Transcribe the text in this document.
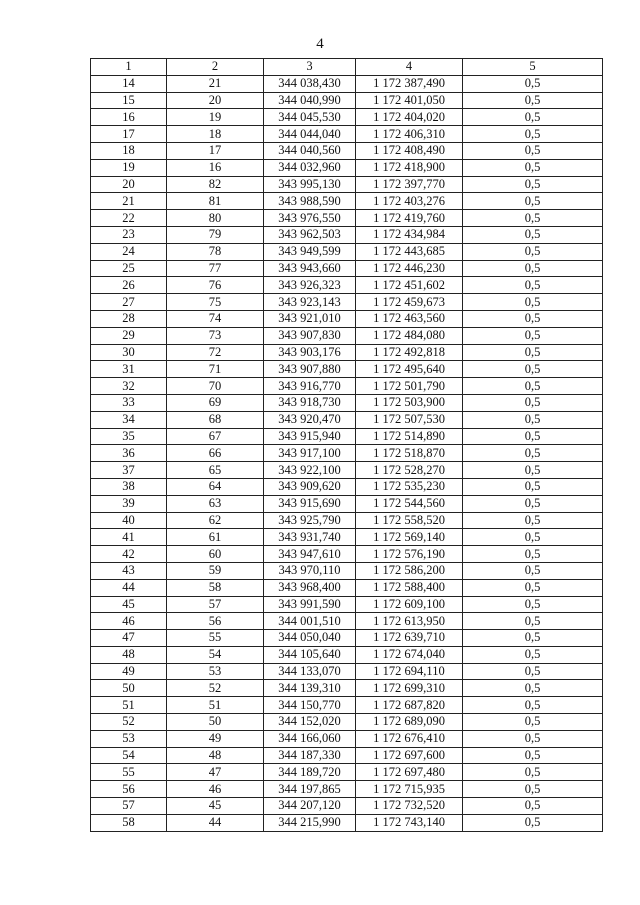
4
1	2	3	4	5
14	21	344 038,430	1 172 387,490	0,5
15	20	344 040,990	1 172 401,050	0,5
16	19	344 045,530	1 172 404,020	0,5
17	18	344 044,040	1 172 406,310	0,5
18	17	344 040,560	1 172 408,490	0,5
19	16	344 032,960	1 172 418,900	0,5
20	82	343 995,130	1 172 397,770	0,5
21	81	343 988,590	1 172 403,276	0,5
22	80	343 976,550	1 172 419,760	0,5
23	79	343 962,503	1 172 434,984	0,5
24	78	343 949,599	1 172 443,685	0,5
25	77	343 943,660	1 172 446,230	0,5
26	76	343 926,323	1 172 451,602	0,5
27	75	343 923,143	1 172 459,673	0,5
28	74	343 921,010	1 172 463,560	0,5
29	73	343 907,830	1 172 484,080	0,5
30	72	343 903,176	1 172 492,818	0,5
31	71	343 907,880	1 172 495,640	0,5
32	70	343 916,770	1 172 501,790	0,5
33	69	343 918,730	1 172 503,900	0,5
34	68	343 920,470	1 172 507,530	0,5
35	67	343 915,940	1 172 514,890	0,5
36	66	343 917,100	1 172 518,870	0,5
37	65	343 922,100	1 172 528,270	0,5
38	64	343 909,620	1 172 535,230	0,5
39	63	343 915,690	1 172 544,560	0,5
40	62	343 925,790	1 172 558,520	0,5
41	61	343 931,740	1 172 569,140	0,5
42	60	343 947,610	1 172 576,190	0,5
43	59	343 970,110	1 172 586,200	0,5
44	58	343 968,400	1 172 588,400	0,5
45	57	343 991,590	1 172 609,100	0,5
46	56	344 001,510	1 172 613,950	0,5
47	55	344 050,040	1 172 639,710	0,5
48	54	344 105,640	1 172 674,040	0,5
49	53	344 133,070	1 172 694,110	0,5
50	52	344 139,310	1 172 699,310	0,5
51	51	344 150,770	1 172 687,820	0,5
52	50	344 152,020	1 172 689,090	0,5
53	49	344 166,060	1 172 676,410	0,5
54	48	344 187,330	1 172 697,600	0,5
55	47	344 189,720	1 172 697,480	0,5
56	46	344 197,865	1 172 715,935	0,5
57	45	344 207,120	1 172 732,520	0,5
58	44	344 215,990	1 172 743,140	0,5
